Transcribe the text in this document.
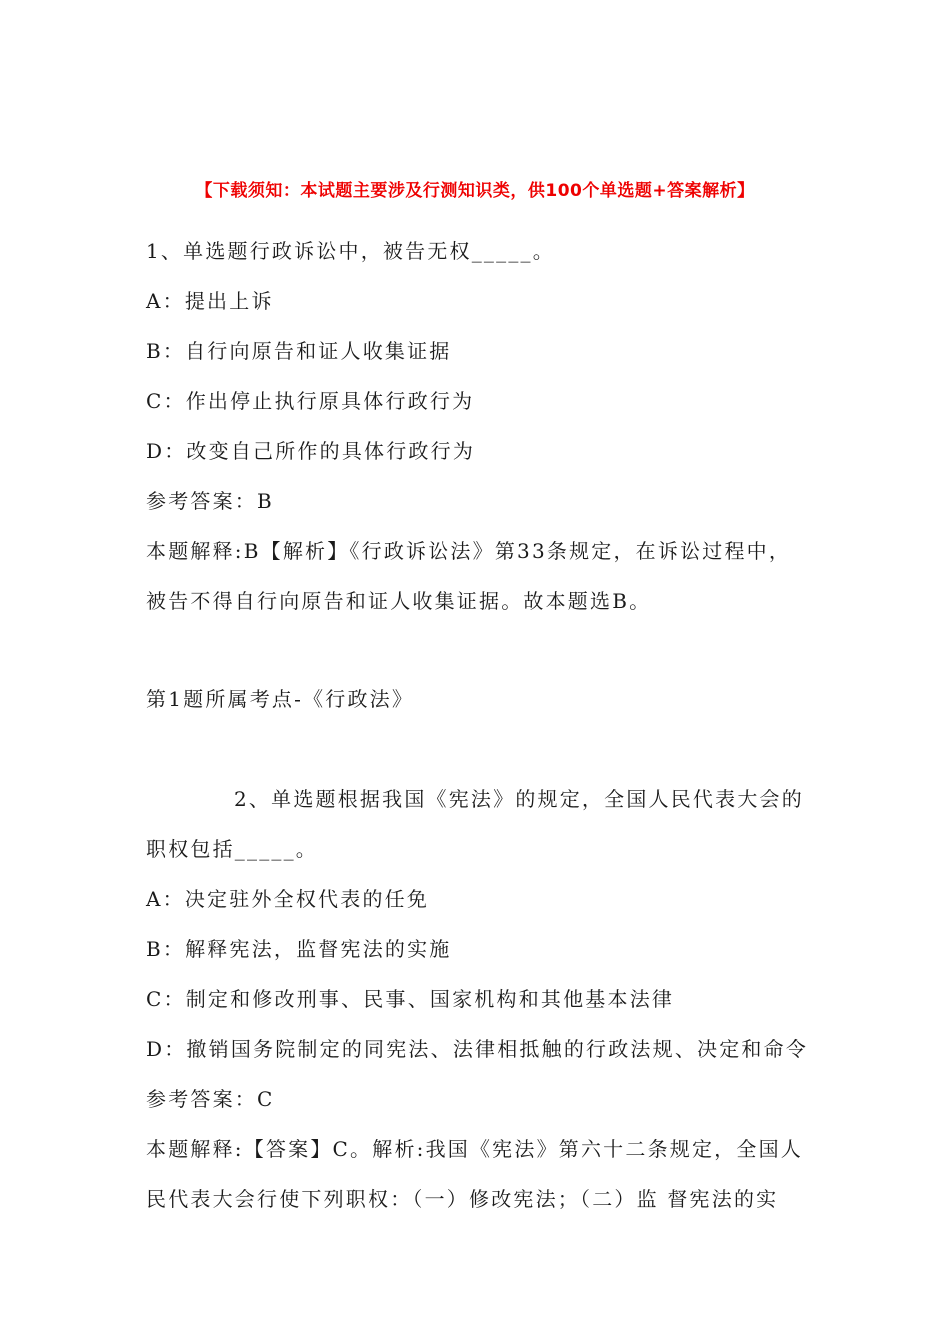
【下载须知：本试题主要涉及行测知识类，供100个单选题+答案解析】
1、单选题行政诉讼中，被告无权_____。
A：提出上诉
B：自行向原告和证人收集证据
C：作出停止执行原具体行政行为
D：改变自己所作的具体行政行为
参考答案：B
本题解释:B【解析】《行政诉讼法》第33条规定，在诉讼过程中，
被告不得自行向原告和证人收集证据。故本题选B。
第1题所属考点-《行政法》
2、单选题根据我国《宪法》的规定，全国人民代表大会的
职权包括_____。
A：决定驻外全权代表的任免
B：解释宪法，监督宪法的实施
C：制定和修改刑事、民事、国家机构和其他基本法律
D：撤销国务院制定的同宪法、法律相抵触的行政法规、决定和命令
参考答案：C
本题解释:【答案】C。解析:我国《宪法》第六十二条规定，全国人
民代表大会行使下列职权：（一）修改宪法；（二）监 督宪法的实
